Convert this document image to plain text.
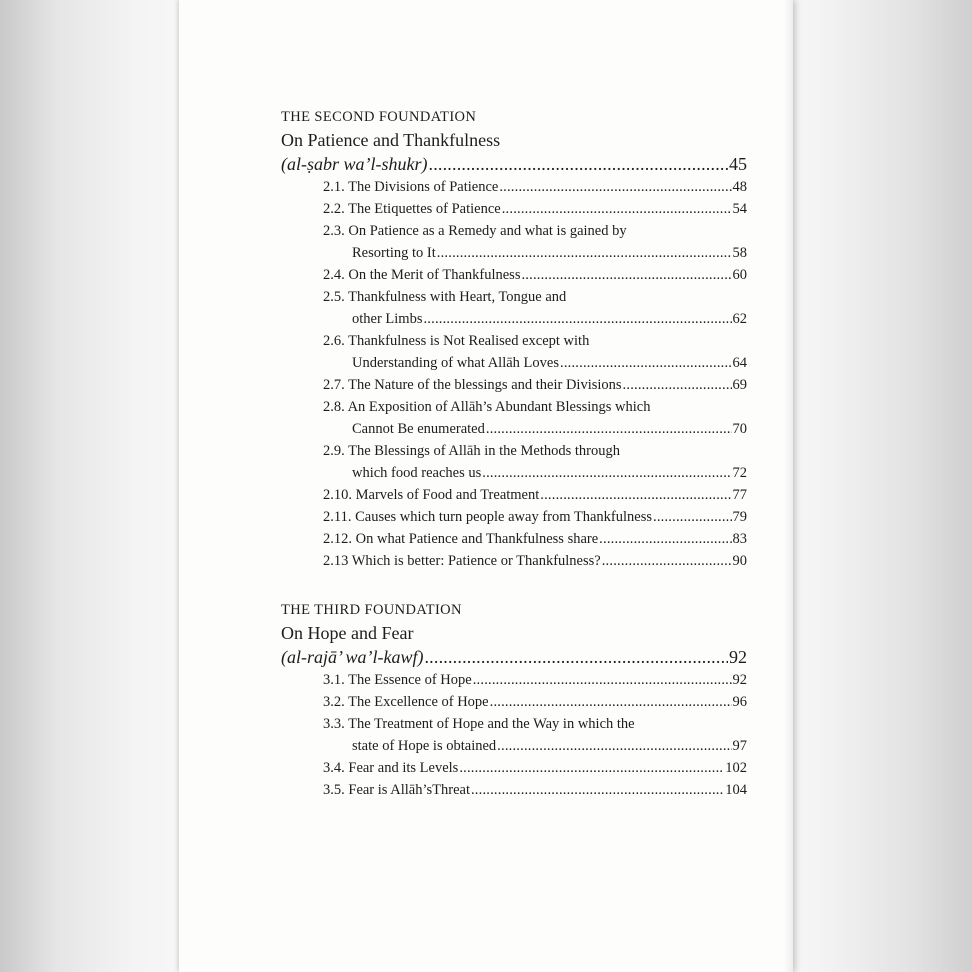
THE SECOND FOUNDATION
On Patience and Thankfulness
(al-ṣabr wa’l-shukr) .....	45
2.1. The Divisions of Patience .....	48
2.2. The Etiquettes of Patience .....	54
2.3. On Patience as a Remedy and what is gained by
Resorting to It .....	58
2.4. On the Merit of Thankfulness .....	60
2.5. Thankfulness with Heart, Tongue and
other Limbs .....	62
2.6. Thankfulness is Not Realised except with
Understanding of what Allāh Loves .....	64
2.7. The Nature of the blessings and their Divisions .....	69
2.8. An Exposition of Allāh’s Abundant Blessings which
Cannot Be enumerated .....	70
2.9. The Blessings of Allāh in the Methods through
which food reaches us .....	72
2.10. Marvels of Food and Treatment .....	77
2.11. Causes which turn people away from Thankfulness .....	79
2.12. On what Patience and Thankfulness share .....	83
2.13 Which is better: Patience or Thankfulness? .....	90
THE THIRD FOUNDATION
On Hope and Fear
(al-rajā’ wa’l-kawf) .....	92
3.1. The Essence of Hope .....	92
3.2. The Excellence of Hope .....	96
3.3. The Treatment of Hope and the Way in which the
state of Hope is obtained .....	97
3.4. Fear and its Levels .....	102
3.5. Fear is Allāh’sThreat .....	104
